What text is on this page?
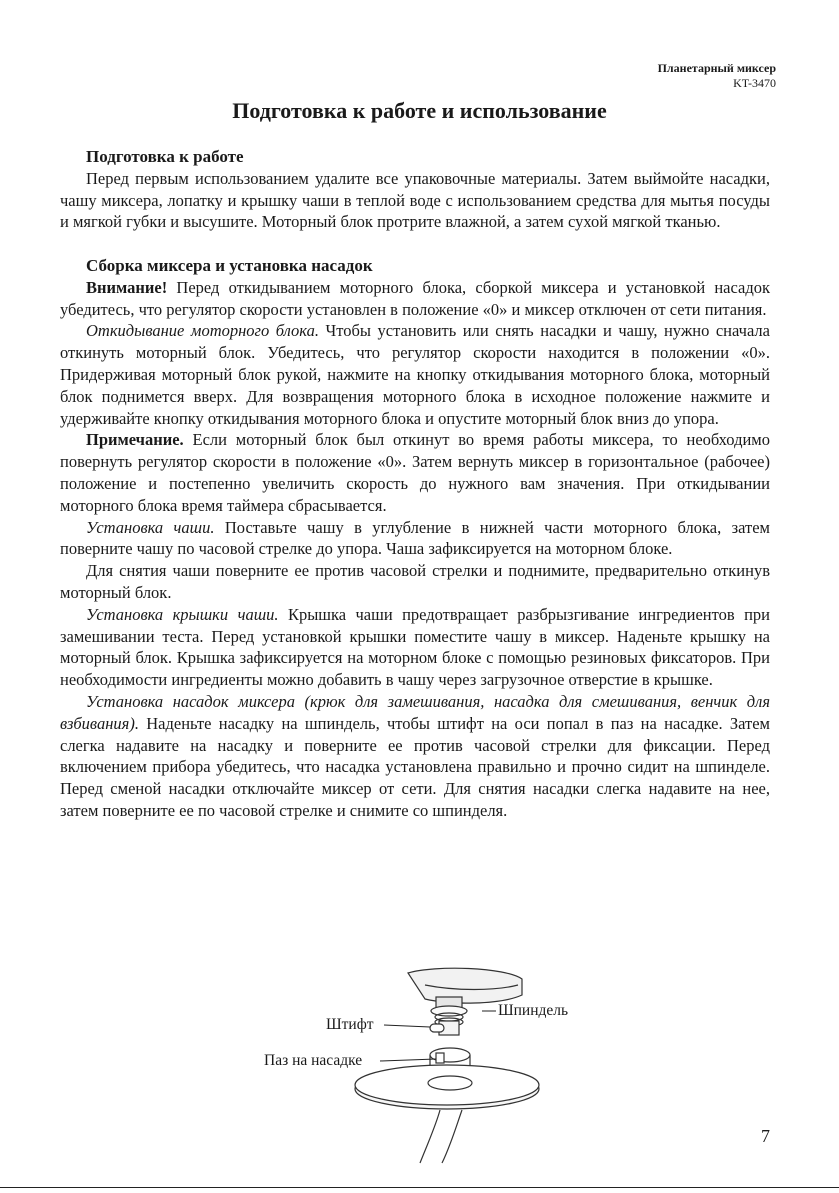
Планетарный миксер
KT-3470
Подготовка к работе и использование

Подготовка к работе

Перед первым использованием удалите все упаковочные материалы. Затем выймойте насадки, чашу миксера, лопатку и крышку чаши в теплой воде с использованием средства для мытья посуды и мягкой губки и высушите. Моторный блок протрите влажной, а затем сухой мягкой тканью.

Сборка миксера и установка насадок

Внимание! Перед откидыванием моторного блока, сборкой миксера и установкой насадок убедитесь, что регулятор скорости установлен в положение «0» и миксер отключен от сети питания.

Откидывание моторного блока. Чтобы установить или снять насадки и чашу, нужно сначала откинуть моторный блок. Убедитесь, что регулятор скорости находится в положении «0». Придерживая моторный блок рукой, нажмите на кнопку откидывания моторного блока, моторный блок поднимется вверх. Для возвращения моторного блока в исходное положение нажмите и удерживайте кнопку откидывания моторного блока и опустите моторный блок вниз до упора.

Примечание. Если моторный блок был откинут во время работы миксера, то необходимо повернуть регулятор скорости в положение «0». Затем вернуть миксер в горизонтальное (рабочее) положение и постепенно увеличить скорость до нужного вам значения. При откидывании моторного блока время таймера сбрасывается.

Установка чаши. Поставьте чашу в углубление в нижней части моторного блока, затем поверните чашу по часовой стрелке до упора. Чаша зафиксируется на моторном блоке.

Для снятия чаши поверните ее против часовой стрелки и поднимите, предварительно откинув моторный блок.

Установка крышки чаши. Крышка чаши предотвращает разбрызгивание ингредиентов при замешивании теста. Перед установкой крышки поместите чашу в миксер. Наденьте крышку на моторный блок. Крышка зафиксируется на моторном блоке с помощью резиновых фиксаторов. При необходимости ингредиенты можно добавить в чашу через загрузочное отверстие в крышке.

Установка насадок миксера (крюк для замешивания, насадка для смешивания, венчик для взбивания). Наденьте насадку на шпиндель, чтобы штифт на оси попал в паз на насадке. Затем слегка надавите на насадку и поверните ее против часовой стрелки для фиксации. Перед включением прибора убедитесь, что насадка установлена правильно и прочно сидит на шпинделе. Перед сменой насадки отключайте миксер от сети. Для снятия насадки слегка надавите на нее, затем поверните ее по часовой стрелке и снимите со шпинделя.

Шпиндель
Штифт
Паз на насадке
7
